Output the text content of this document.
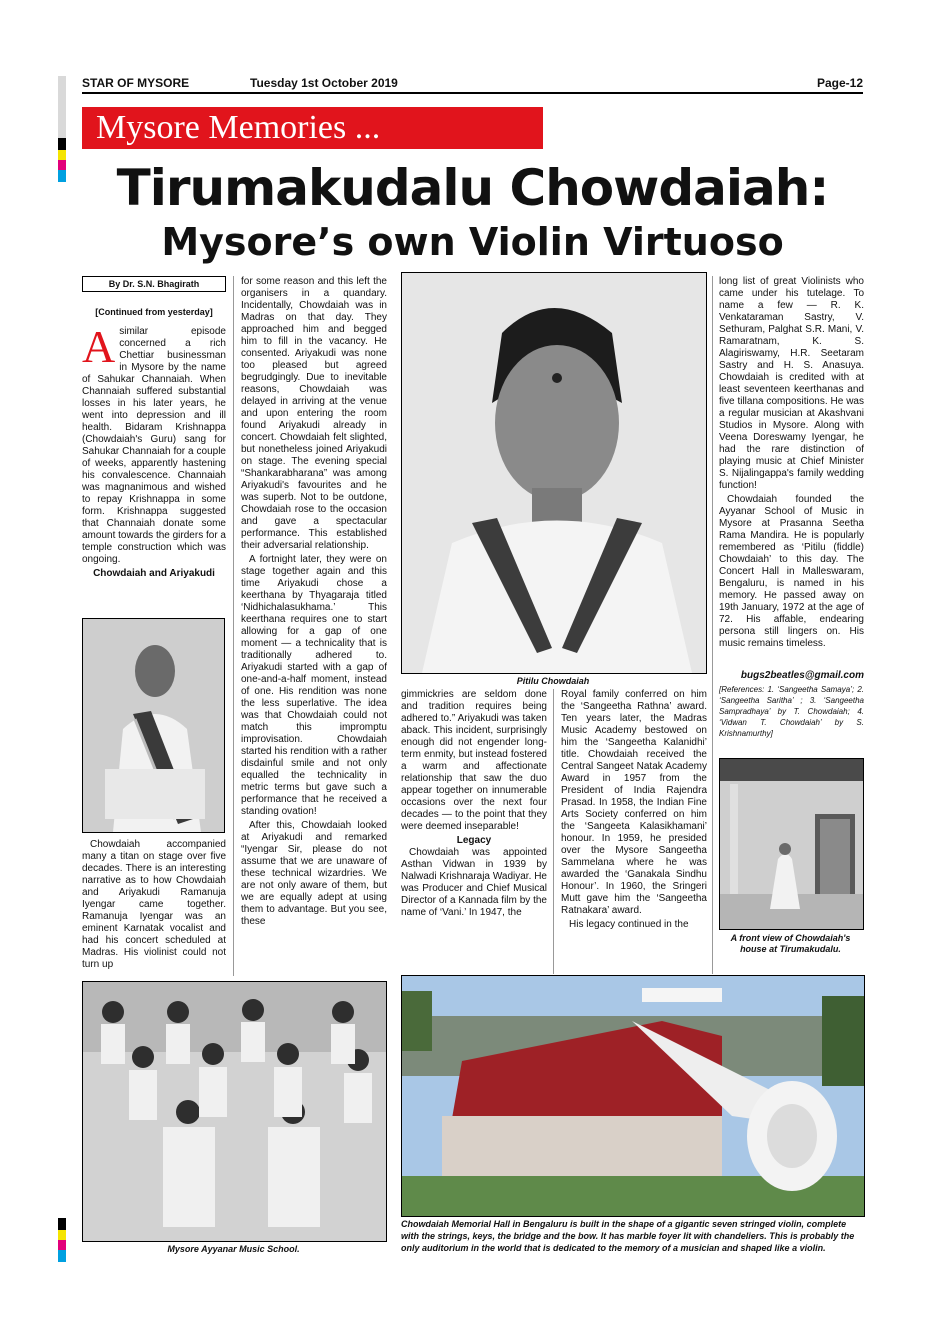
STAR OF MYSORE	Tuesday 1st October 2019	Page-12
Mysore Memories ...
Tirumakudalu Chowdaiah:
Mysore’s own Violin Virtuoso
By Dr. S.N. Bhagirath
[Continued from yesterday]
A similar episode concerned a rich Chettiar businessman in Mysore by the name of Sahukar Channaiah. When Channaiah suffered substantial losses in his later years, he went into depression and ill health. Bidaram Krishnappa (Chowdaiah's Guru) sang for Sahukar Channaiah for a couple of weeks, apparently hastening his convalescence. Channaiah was magnanimous and wished to repay Krishnappa in some form. Krishnappa suggested that Channaiah donate some amount towards the girders for a temple construction which was ongoing.

Chowdaiah and Ariyakudi

Chowdaiah accompanied many a titan on stage over five decades. There is an interesting narrative as to how Chowdaiah and Ariyakudi Ramanuja Iyengar came together. Ramanuja Iyengar was an eminent Karnatak vocalist and had his concert scheduled at Madras. His violinist could not turn up

for some reason and this left the organisers in a quandary. Incidentally, Chowdaiah was in Madras on that day. They approached him and begged him to fill in the vacancy. He consented. Ariyakudi was none too pleased but agreed begrudgingly. Due to inevitable reasons, Chowdaiah was delayed in arriving at the venue and upon entering the room found Ariyakudi already in concert. Chowdaiah felt slighted, but nonetheless joined Ariyakudi on stage. The evening special “Shankarabharana” was among Ariyakudi's favourites and he was superb. Not to be outdone, Chowdaiah rose to the occasion and gave a spectacular performance. This established their adversarial relationship.

A fortnight later, they were on stage together again and this time Ariyakudi chose a keerthana by Thyagaraja titled ‘Nidhichalasukhama.’ This keerthana requires one to start allowing for a gap of one moment — a technicality that is traditionally adhered to. Ariyakudi started with a gap of one-and-a-half moment, instead of one. His rendition was none the less superlative. The idea was that Chowdaiah could not match this impromptu improvisation. Chowdaiah started his rendition with a rather disdainful smile and not only equalled the technicality in metric terms but gave such a performance that he received a standing ovation!

After this, Chowdaiah looked at Ariyakudi and remarked “Iyengar Sir, please do not assume that we are unaware of these technical wizardries. We are not only aware of them, but we are equally adept at using them to advantage. But you see, these

Pitilu Chowdaiah

gimmickries are seldom done and tradition requires being adhered to.” Ariyakudi was taken aback. This incident, surprisingly enough did not engender long-term enmity, but instead fostered a warm and affectionate relationship that saw the duo appear together on innumerable occasions over the next four decades — to the point that they were deemed inseparable!

Legacy

Chowdaiah was appointed Asthan Vidwan in 1939 by Nalwadi Krishnaraja Wadiyar. He was Producer and Chief Musical Director of a Kannada film by the name of ‘Vani.’ In 1947, the

Royal family conferred on him the ‘Sangeetha Rathna’ award. Ten years later, the Madras Music Academy bestowed on him the ‘Sangeetha Kalanidhi’ title. Chowdaiah received the Central Sangeet Natak Academy Award in 1957 from the President of India Rajendra Prasad. In 1958, the Indian Fine Arts Society conferred on him the ‘Sangeeta Kalasikhamani’ honour. In 1959, he presided over the Mysore Sangeetha Sammelana where he was awarded the ‘Ganakala Sindhu Honour’. In 1960, the Sringeri Mutt gave him the ‘Sangeetha Ratnakara’ award.

His legacy continued in the

long list of great Violinists who came under his tutelage. To name a few — R. K. Venkataraman Sastry, V. Sethuram, Palghat S.R. Mani, V. Ramaratnam, K. S. Alagiriswamy, H.R. Seetaram Sastry and H. S. Anasuya. Chowdaiah is credited with at least seventeen keerthanas and five tillana compositions. He was a regular musician at Akashvani Studios in Mysore. Along with Veena Doreswamy Iyengar, he had the rare distinction of playing music at Chief Minister S. Nijalingappa's family wedding function!

Chowdaiah founded the Ayyanar School of Music in Mysore at Prasanna Seetha Rama Mandira. He is popularly remembered as ‘Pitilu (fiddle) Chowdaiah’ to this day. The Concert Hall in Malleswaram, Bengaluru, is named in his memory. He passed away on 19th January, 1972 at the age of 72. His affable, endearing persona still lingers on. His music remains timeless.

bugs2beatles@gmail.com
[References: 1. ‘Sangeetha Samaya’; 2. ‘Sangeetha Saritha’ ; 3. ‘Sangeetha Sampradhaya’ by T. Chowdaiah; 4. ‘Vidwan T. Chowdaiah’ by S. Krishnamurthy]
A front view of Chowdaiah's house at Tirumakudalu.
Mysore Ayyanar Music School.
Chowdaiah Memorial Hall in Bengaluru is built in the shape of a gigantic seven stringed violin, complete with the strings, keys, the bridge and the bow. It has marble foyer lit with chandeliers. This is probably the only auditorium in the world that is dedicated to the memory of a musician and shaped like a violin.
